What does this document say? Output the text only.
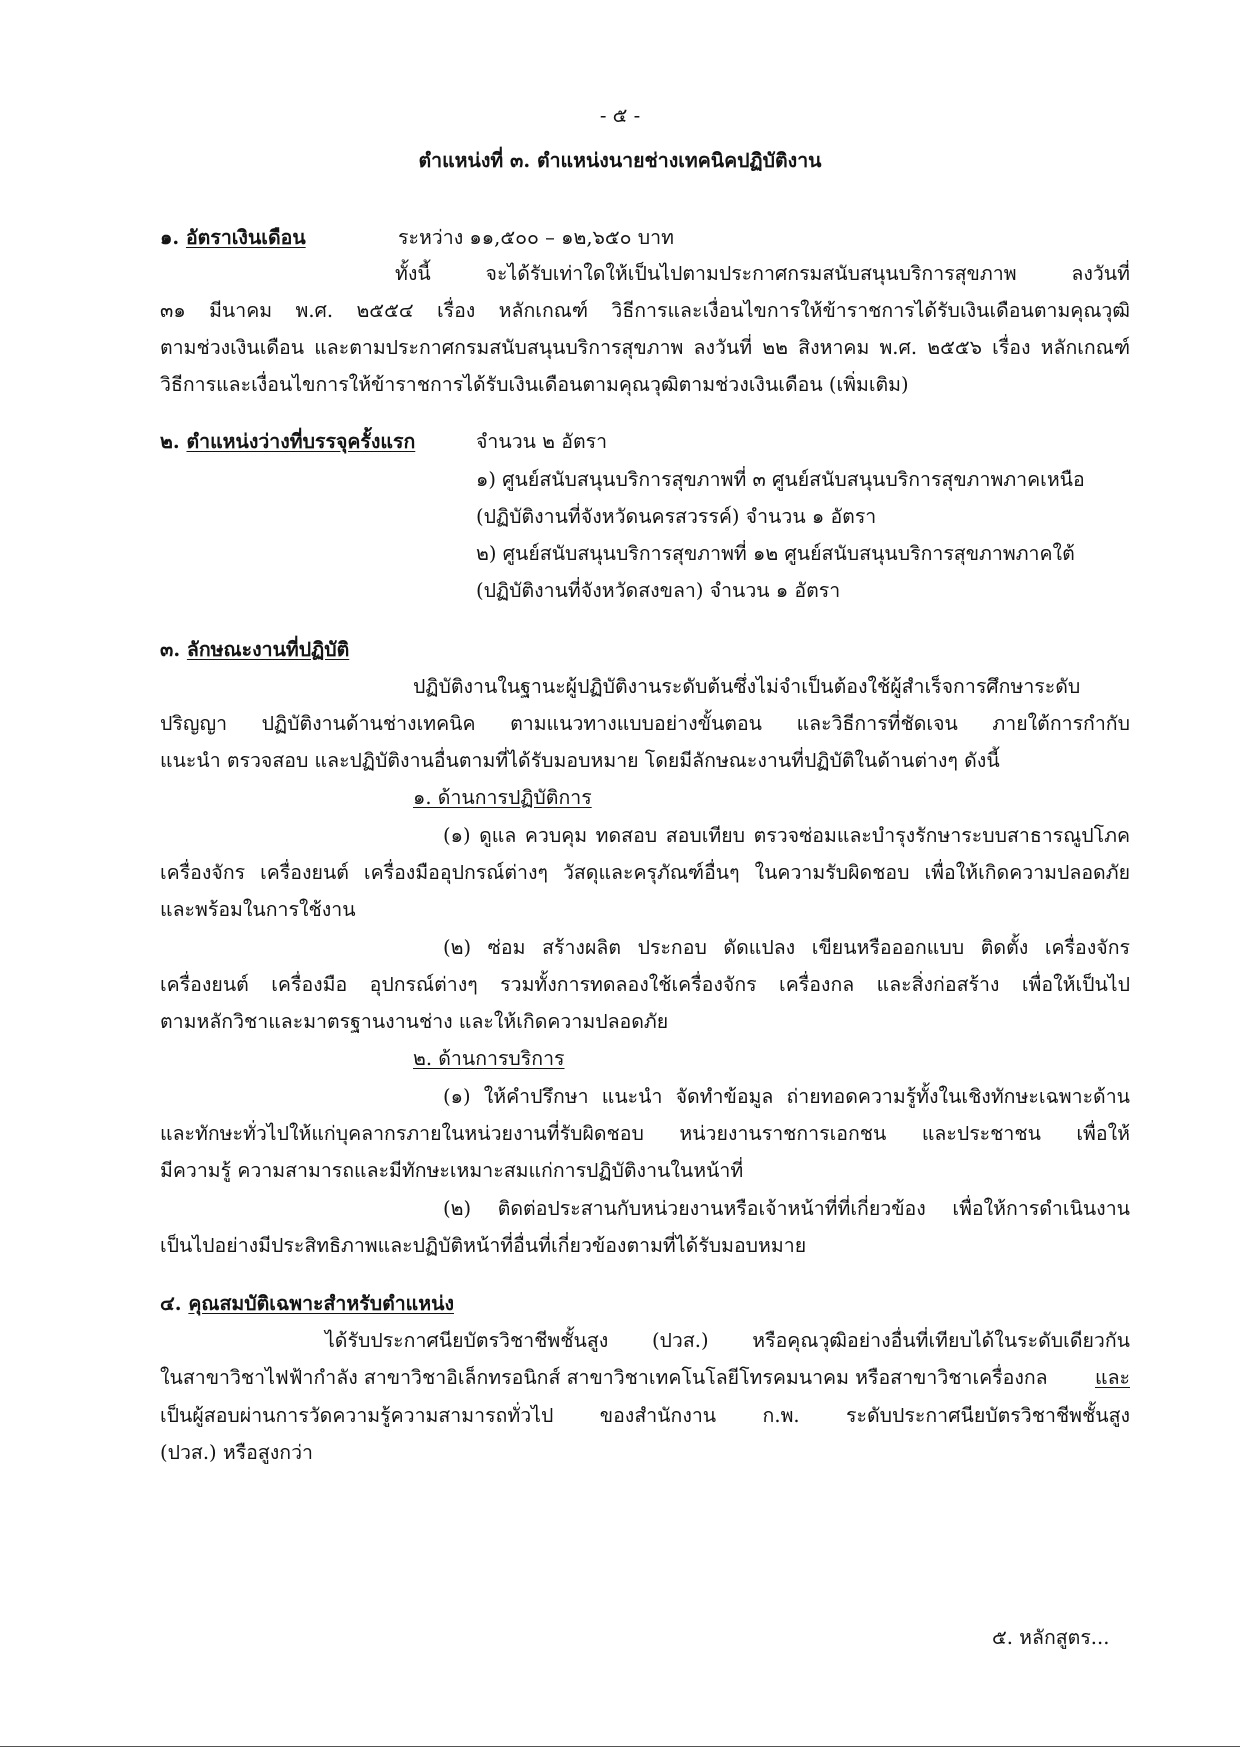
- ๕ -
ตำแหน่งที่ ๓. ตำแหน่งนายช่างเทคนิคปฏิบัติงาน
๑. อัตราเงินเดือน	ระหว่าง ๑๑,๕๐๐ – ๑๒,๖๕๐ บาท
ทั้งนี้ จะได้รับเท่าใดให้เป็นไปตามประกาศกรมสนับสนุนบริการสุขภาพ ลงวันที่
๓๑ มีนาคม พ.ศ. ๒๕๕๔ เรื่อง หลักเกณฑ์ วิธีการและเงื่อนไขการให้ข้าราชการได้รับเงินเดือนตามคุณวุฒิ
ตามช่วงเงินเดือน และตามประกาศกรมสนับสนุนบริการสุขภาพ ลงวันที่ ๒๒ สิงหาคม พ.ศ. ๒๕๕๖ เรื่อง หลักเกณฑ์
วิธีการและเงื่อนไขการให้ข้าราชการได้รับเงินเดือนตามคุณวุฒิตามช่วงเงินเดือน (เพิ่มเติม)
๒. ตำแหน่งว่างที่บรรจุครั้งแรก	จำนวน ๒ อัตรา
๑) ศูนย์สนับสนุนบริการสุขภาพที่ ๓ ศูนย์สนับสนุนบริการสุขภาพภาคเหนือ
(ปฏิบัติงานที่จังหวัดนครสวรรค์) จำนวน ๑ อัตรา
๒) ศูนย์สนับสนุนบริการสุขภาพที่ ๑๒ ศูนย์สนับสนุนบริการสุขภาพภาคใต้
(ปฏิบัติงานที่จังหวัดสงขลา) จำนวน ๑ อัตรา
๓. ลักษณะงานที่ปฏิบัติ
ปฏิบัติงานในฐานะผู้ปฏิบัติงานระดับต้นซึ่งไม่จำเป็นต้องใช้ผู้สำเร็จการศึกษาระดับ
ปริญญา ปฏิบัติงานด้านช่างเทคนิค ตามแนวทางแบบอย่างขั้นตอน และวิธีการที่ชัดเจน ภายใต้การกำกับ
แนะนำ ตรวจสอบ และปฏิบัติงานอื่นตามที่ได้รับมอบหมาย โดยมีลักษณะงานที่ปฏิบัติในด้านต่างๆ ดังนี้
๑. ด้านการปฏิบัติการ
(๑) ดูแล ควบคุม ทดสอบ สอบเทียบ ตรวจซ่อมและบำรุงรักษาระบบสาธารณูปโภค
เครื่องจักร เครื่องยนต์ เครื่องมืออุปกรณ์ต่างๆ วัสดุและครุภัณฑ์อื่นๆ ในความรับผิดชอบ เพื่อให้เกิดความปลอดภัย
และพร้อมในการใช้งาน
(๒) ซ่อม สร้างผลิต ประกอบ ดัดแปลง เขียนหรือออกแบบ ติดตั้ง เครื่องจักร
เครื่องยนต์ เครื่องมือ อุปกรณ์ต่างๆ รวมทั้งการทดลองใช้เครื่องจักร เครื่องกล และสิ่งก่อสร้าง เพื่อให้เป็นไป
ตามหลักวิชาและมาตรฐานงานช่าง และให้เกิดความปลอดภัย
๒. ด้านการบริการ
(๑) ให้คำปรึกษา แนะนำ จัดทำข้อมูล ถ่ายทอดความรู้ทั้งในเชิงทักษะเฉพาะด้าน
และทักษะทั่วไปให้แก่บุคลากรภายในหน่วยงานที่รับผิดชอบ หน่วยงานราชการเอกชน และประชาชน เพื่อให้
มีความรู้ ความสามารถและมีทักษะเหมาะสมแก่การปฏิบัติงานในหน้าที่
(๒) ติดต่อประสานกับหน่วยงานหรือเจ้าหน้าที่ที่เกี่ยวข้อง เพื่อให้การดำเนินงาน
เป็นไปอย่างมีประสิทธิภาพและปฏิบัติหน้าที่อื่นที่เกี่ยวข้องตามที่ได้รับมอบหมาย
๔. คุณสมบัติเฉพาะสำหรับตำแหน่ง
ได้รับประกาศนียบัตรวิชาชีพชั้นสูง (ปวส.) หรือคุณวุฒิอย่างอื่นที่เทียบได้ในระดับเดียวกัน
ในสาขาวิชาไฟฟ้ากำลัง สาขาวิชาอิเล็กทรอนิกส์ สาขาวิชาเทคโนโลยีโทรคมนาคม หรือสาขาวิชาเครื่องกล และ
เป็นผู้สอบผ่านการวัดความรู้ความสามารถทั่วไป ของสำนักงาน ก.พ. ระดับประกาศนียบัตรวิชาชีพชั้นสูง
(ปวส.) หรือสูงกว่า
๕. หลักสูตร...
